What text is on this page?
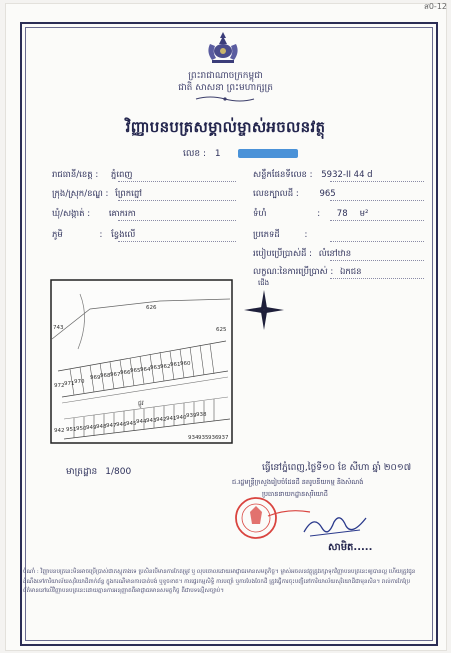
ส0-12
ព្រះរាជាណាចក្រកម្ពុជា
ជាតិ សាសនា ព្រះមហាក្សត្រ
វិញ្ញាបនបត្រសម្គាល់ម្ចាស់អចលនវត្ថុ
លេខ : 1
រាជធានី/ខេត្ត : ភ្នំពេញ
ក្រុង/ស្រុក/ខណ្ឌ : ព្រែកព្នៅ
ឃុំ/សង្កាត់ : គោករកា
ភូមិ	: ខ្វែងលើ
សន្លឹកផែនទីលេខ : 5932-II 44 d
លេខក្បាលដី : 965
ទំហំ	: 78 ម²
ប្រភេទដី	:
របៀបប្រើប្រាស់ដី : លំនៅឋាន
លក្ខណៈនៃការប្រើប្រាស់ : ឯកជន
ជើង
626
625
743
972 971 970
969 968 967 966 965 964 963 962 961 960
942 951 950 949 948 947 946 945 944 943 942 941 940 939 938
934 935 936 937
ផ្លូវ
មាត្រដ្ឋាន 1/800	ធ្វើនៅភ្នំពេញ,ថ្ងៃទី១០ ខែ សីហា ឆ្នាំ ២០១៧
ជ.រដ្ឋមន្ត្រីក្រសួងរៀបចំដែនដី នគរូបនីយកម្ម និងសំណង់
ប្រធាននាយកដ្ឋានសុរិយោដី
សាមិត.....
ចំណាំ : វិញ្ញាបនបត្រនេះមិនអាចប្រើប្រាស់ជាភស្តុតាងទេ ប្រសិនបើមានការកែតម្រូវ ឬ លុបចោលដោយអាជ្ញាធរមានសមត្ថកិច្ច។ ម្ចាស់អចលនវត្ថុត្រូវរក្សាទុកវិញ្ញាបនបត្រនេះឲ្យបានល្អ ហើយត្រូវជូនដំណឹងទៅការិយាល័យសុរិយោដីពាក់ព័ន្ធ ក្នុងករណីមានការបាត់បង់ ឬខូចខាត។ ការផ្ទេរកម្មសិទ្ធិ ការបញ្ចាំ ឬការបែងចែកដី ត្រូវធ្វើការចុះបញ្ជីនៅការិយាល័យសុរិយោដីជាមុនសិន។ រាល់ការកែប្រែព័ត៌មាននៅលើវិញ្ញាបនបត្រនេះដោយគ្មានការអនុញ្ញាតពីអាជ្ញាធរមានសមត្ថកិច្ច គឺជាបទល្មើសច្បាប់។
